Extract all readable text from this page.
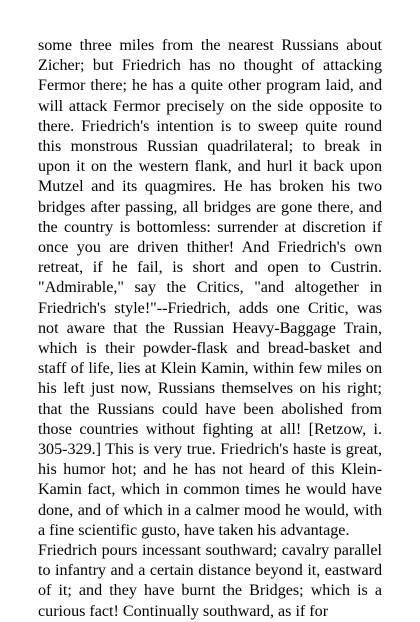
some three miles from the nearest Russians about Zicher; but Friedrich has no thought of attacking Fermor there; he has a quite other program laid, and will attack Fermor precisely on the side opposite to there. Friedrich's intention is to sweep quite round this monstrous Russian quadrilateral; to break in upon it on the western flank, and hurl it back upon Mutzel and its quagmires. He has broken his two bridges after passing, all bridges are gone there, and the country is bottomless: surrender at discretion if once you are driven thither! And Friedrich's own retreat, if he fail, is short and open to Custrin. "Admirable," say the Critics, "and altogether in Friedrich's style!"--Friedrich, adds one Critic, was not aware that the Russian Heavy-Baggage Train, which is their powder-flask and bread-basket and staff of life, lies at Klein Kamin, within few miles on his left just now, Russians themselves on his right; that the Russians could have been abolished from those countries without fighting at all! [Retzow, i. 305-329.] This is very true. Friedrich's haste is great, his humor hot; and he has not heard of this Klein-Kamin fact, which in common times he would have done, and of which in a calmer mood he would, with a fine scientific gusto, have taken his advantage.

Friedrich pours incessant southward; cavalry parallel to infantry and a certain distance beyond it, eastward of it; and they have burnt the Bridges; which is a curious fact! Continually southward, as if for
